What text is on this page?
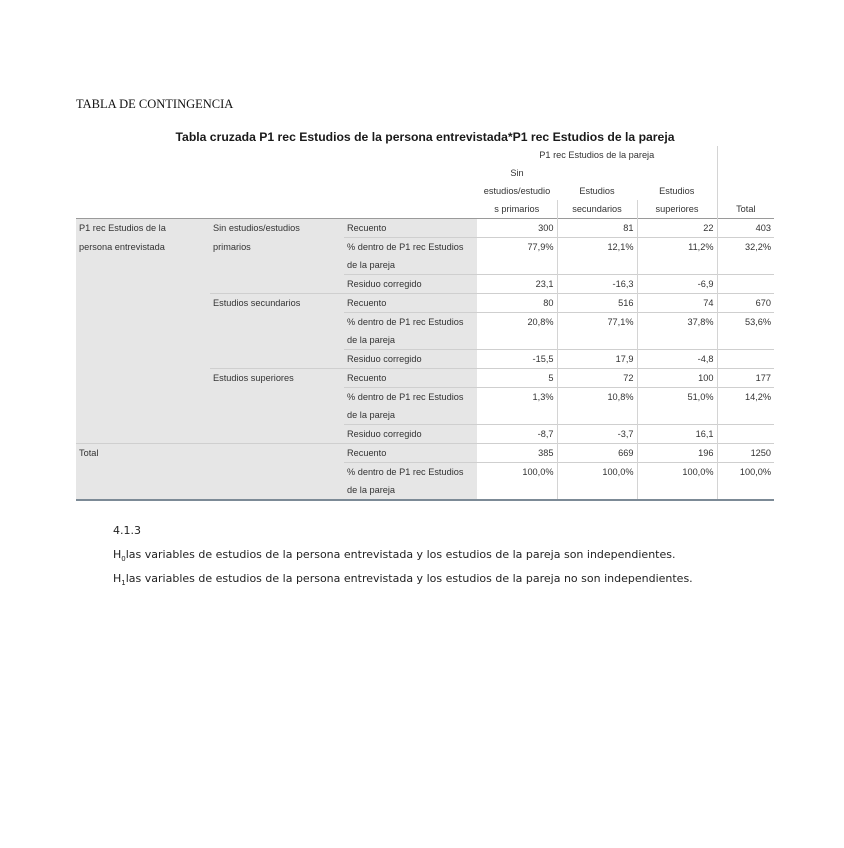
TABLA DE CONTINGENCIA
Tabla cruzada P1 rec Estudios de la persona entrevistada*P1 rec Estudios de la pareja
			P1 rec Estudios de la pareja			
			Sin			
			estudios/estudio	Estudios	Estudios	
			s primarios	secundarios	superiores	Total
P1 rec Estudios de la	Sin estudios/estudios	Recuento	300	81	22	403
persona entrevistada	primarios	% dentro de P1 rec Estudios	77,9%	12,1%	11,2%	32,2%
		de la pareja				
		Residuo corregido	23,1	-16,3	-6,9	
	Estudios secundarios	Recuento	80	516	74	670
		% dentro de P1 rec Estudios	20,8%	77,1%	37,8%	53,6%
		de la pareja				
		Residuo corregido	-15,5	17,9	-4,8	
	Estudios superiores	Recuento	5	72	100	177
		% dentro de P1 rec Estudios	1,3%	10,8%	51,0%	14,2%
		de la pareja				
		Residuo corregido	-8,7	-3,7	16,1	
Total		Recuento	385	669	196	1250
		% dentro de P1 rec Estudios	100,0%	100,0%	100,0%	100,0%
		de la pareja				
4.1.3
$H_0las$ variables de estudios de la persona entrevistada y los estudios de la pareja son independientes.
$H_1las$ variables de estudios de la persona entrevistada y los estudios de la pareja no son independientes.
